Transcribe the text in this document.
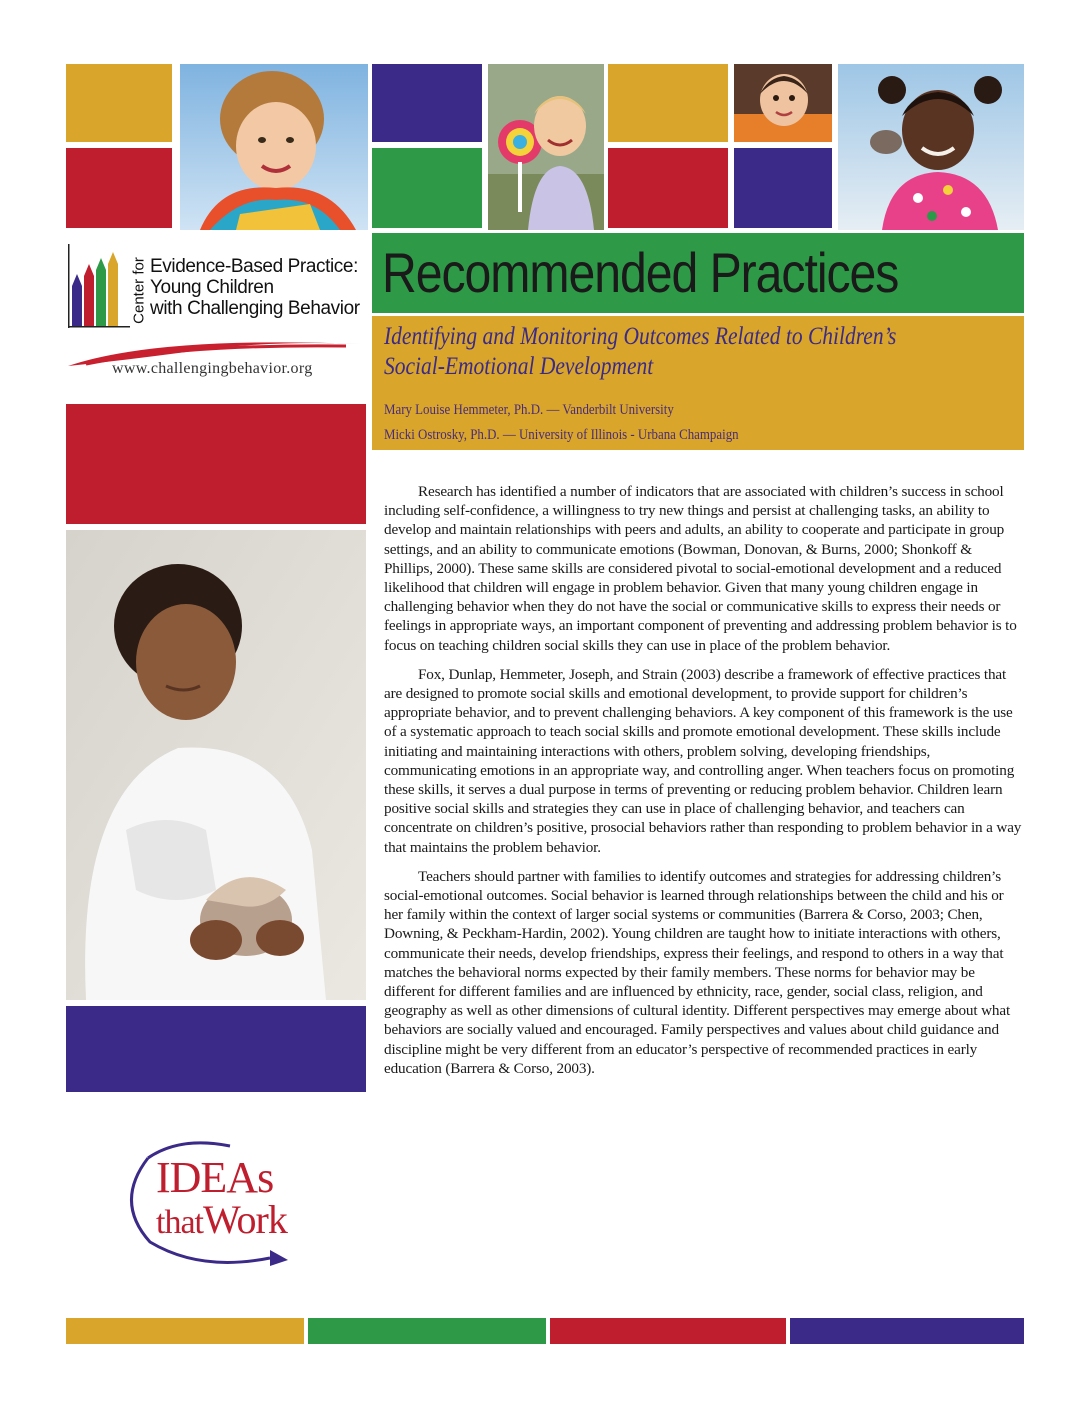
Center for Evidence-Based Practice:
Young Children
with Challenging Behavior
www.challengingbehavior.org
Recommended Practices
Identifying and Monitoring Outcomes Related to Children’s
Social-Emotional Development
Mary Louise Hemmeter, Ph.D. — Vanderbilt University
Micki Ostrosky, Ph.D. — University of Illinois - Urbana Champaign
IDEAs
thatWork

Research has identified a number of indicators that are associated with children’s success in school including self-confidence, a willingness to try new things and persist at challenging tasks, an ability to develop and maintain relationships with peers and adults, an ability to cooperate and participate in group settings, and an ability to communicate emotions (Bowman, Donovan, & Burns, 2000; Shonkoff & Phillips, 2000). These same skills are considered pivotal to social-emotional development and a reduced likelihood that children will engage in problem behavior. Given that many young children engage in challenging behavior when they do not have the social or communicative skills to express their needs or feelings in appropriate ways, an important component of preventing and addressing problem behavior is to focus on teaching children social skills they can use in place of the problem behavior.

Fox, Dunlap, Hemmeter, Joseph, and Strain (2003) describe a framework of effective practices that are designed to promote social skills and emotional development, to provide support for children’s appropriate behavior, and to prevent challenging behaviors. A key component of this framework is the use of a systematic approach to teach social skills and promote emotional development. These skills include initiating and maintaining interactions with others, problem solving, developing friendships, communicating emotions in an appropriate way, and controlling anger. When teachers focus on promoting these skills, it serves a dual purpose in terms of preventing or reducing problem behavior. Children learn positive social skills and strategies they can use in place of challenging behavior, and teachers can concentrate on children’s positive, prosocial behaviors rather than responding to problem behavior in a way that maintains the problem behavior.

Teachers should partner with families to identify outcomes and strategies for addressing children’s social-emotional outcomes. Social behavior is learned through relationships between the child and his or her family within the context of larger social systems or communities (Barrera & Corso, 2003; Chen, Downing, & Peckham-Hardin, 2002). Young children are taught how to initiate interactions with others, communicate their needs, develop friendships, express their feelings, and respond to others in a way that matches the behavioral norms expected by their family members. These norms for behavior may be different for different families and are influenced by ethnicity, race, gender, social class, religion, and geography as well as other dimensions of cultural identity. Different perspectives may emerge about what behaviors are socially valued and encouraged. Family perspectives and values about child guidance and discipline might be very different from an educator’s perspective of recommended practices in early education (Barrera & Corso, 2003).
